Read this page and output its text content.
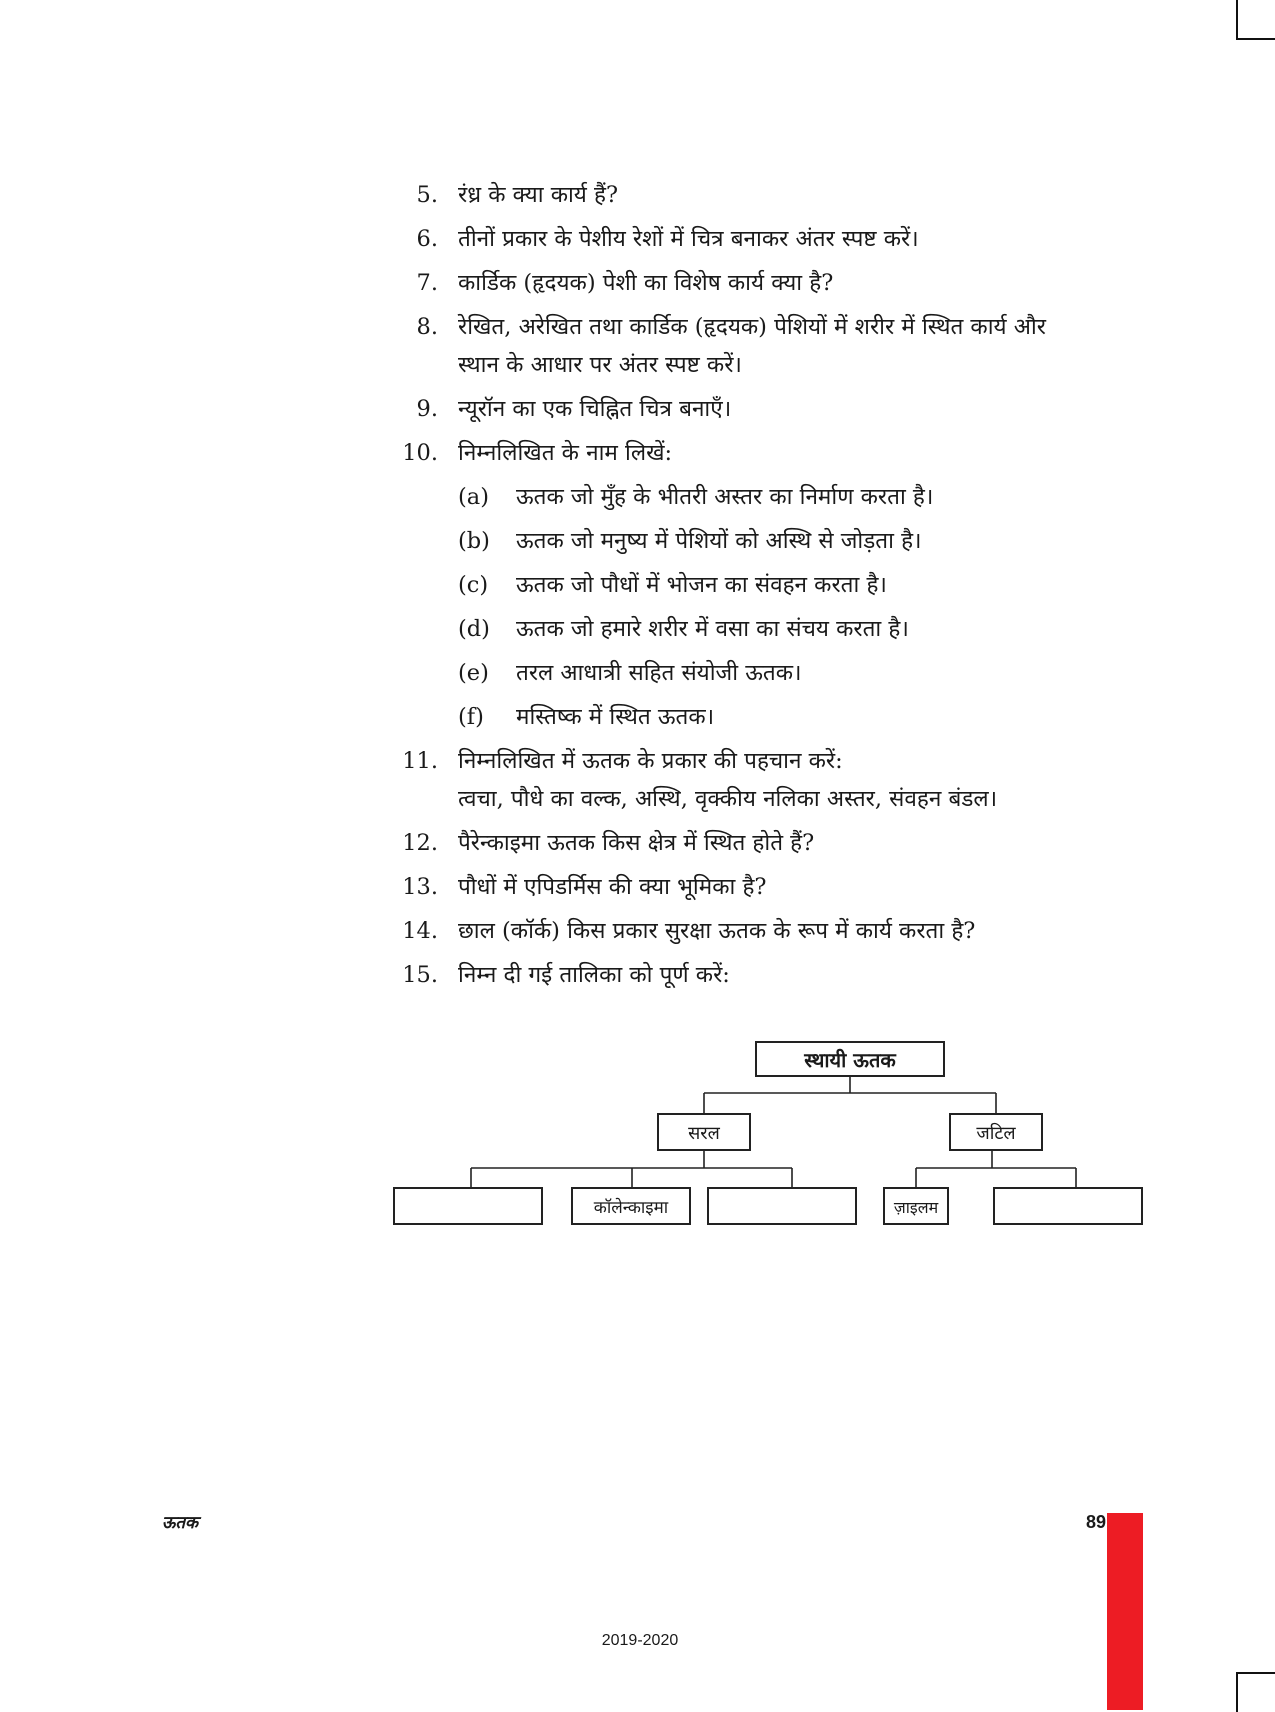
5. रंध्र के क्या कार्य हैं?
6. तीनों प्रकार के पेशीय रेशों में चित्र बनाकर अंतर स्पष्ट करें।
7. कार्डिक (हृदयक) पेशी का विशेष कार्य क्या है?
8. रेखित, अरेखित तथा कार्डिक (हृदयक) पेशियों में शरीर में स्थित कार्य और
स्थान के आधार पर अंतर स्पष्ट करें।
9. न्यूरॉन का एक चिह्नित चित्र बनाएँ।
10. निम्नलिखित के नाम लिखें:
(a) ऊतक जो मुँह के भीतरी अस्तर का निर्माण करता है।
(b) ऊतक जो मनुष्य में पेशियों को अस्थि से जोड़ता है।
(c) ऊतक जो पौधों में भोजन का संवहन करता है।
(d) ऊतक जो हमारे शरीर में वसा का संचय करता है।
(e) तरल आधात्री सहित संयोजी ऊतक।
(f) मस्तिष्क में स्थित ऊतक।
11. निम्नलिखित में ऊतक के प्रकार की पहचान करें:
त्वचा, पौधे का वल्क, अस्थि, वृक्कीय नलिका अस्तर, संवहन बंडल।
12. पैरेन्काइमा ऊतक किस क्षेत्र में स्थित होते हैं?
13. पौधों में एपिडर्मिस की क्या भूमिका है?
14. छाल (कॉर्क) किस प्रकार सुरक्षा ऊतक के रूप में कार्य करता है?
15. निम्न दी गई तालिका को पूर्ण करें:
स्थायी ऊतक
सरल	जटिल
कॉलेन्काइमा	ज़ाइलम
ऊतक	89
2019-2020
